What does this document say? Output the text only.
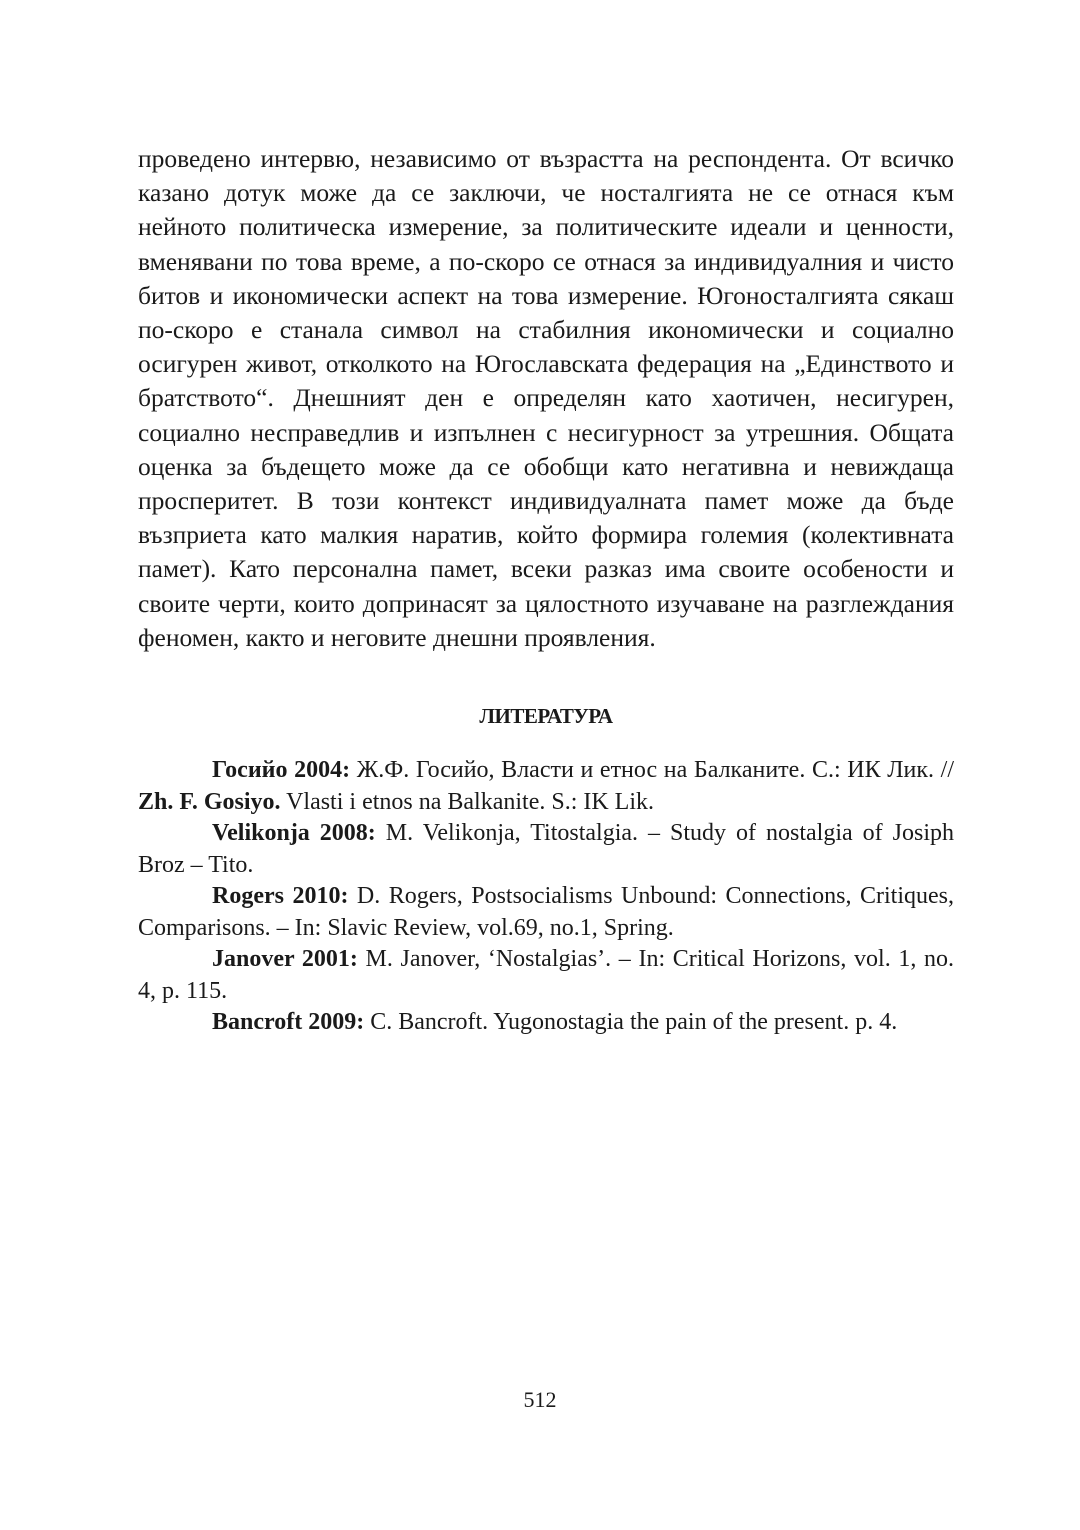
проведено интервю, независимо от възрастта на респондента. От всичко казано дотук може да се заключи, че носталгията не се отнася към нейното политическа измерение, за политическите идеали и ценности, вменявани по това време, а по-скоро се отнася за индивидуалния и чисто битов и икономически аспект на това измерение. Югоносталгията сякаш по-скоро е станала символ на стабилния икономически и социално осигурен живот, отколкото на Югославската федерация на „Единството и братството“. Днешният ден е определян като хаотичен, несигурен, социално несправедлив и изпълнен с несигурност за утрешния. Общата оценка за бъдещето може да се обобщи като негативна и невиждаща просперитет. В този контекст индивидуалната памет може да бъде възприета като малкия наратив, който формира големия (колективната памет). Като персонална памет, всеки разказ има своите особености и своите черти, които допринасят за цялостното изучаване на разглеждания феномен, както и неговите днешни проявления.

ЛИТЕРАТУРА

Госийо 2004: Ж.Ф. Госийо, Власти и етнос на Балканите. С.: ИК Лик. // Zh. F. Gosiyo. Vlasti i etnos na Balkanite. S.: IK Lik.

Velikonja 2008: M. Velikonja, Titostalgia. – Study of nostalgia of Josiph Broz – Tito.

Rogers 2010: D. Rogers, Postsocialisms Unbound: Connections, Critiques, Comparisons. – In: Slavic Review, vol.69, no.1, Spring.

Janover 2001: M. Janover, ‘Nostalgias’. – In: Critical Horizons, vol. 1, no. 4, p. 115.

Bancroft 2009: C. Bancroft. Yugonostagia the pain of the present. p. 4.

512
